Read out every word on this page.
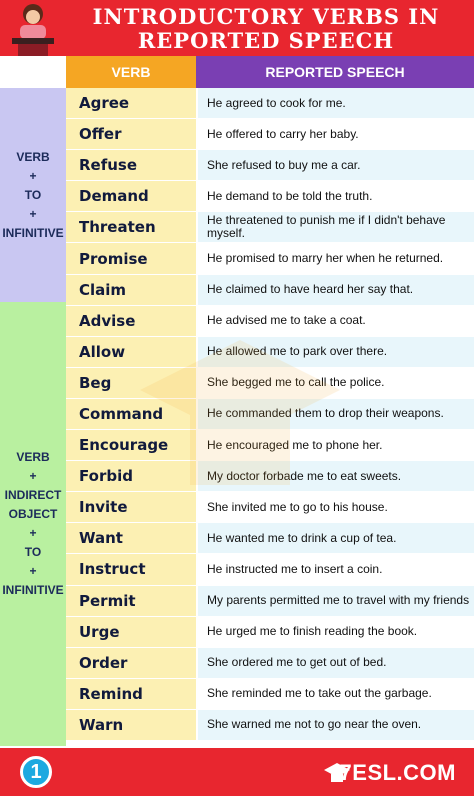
INTRODUCTORY VERBS IN
REPORTED SPEECH
VERB	REPORTED SPEECH
VERB
+
TO
+
INFINITIVE
VERB
+
INDIRECT
OBJECT
+
TO
+
INFINITIVE
Agree	He agreed to cook for me.
Offer	He offered to carry her baby.
Refuse	She refused to buy me a car.
Demand	He demand to be told the truth.
Threaten	He threatened to punish me if I didn't behave myself.
Promise	He promised to marry her when he returned.
Claim	He claimed to have heard her say that.
Advise	He advised me to take a coat.
Allow	He allowed me to park over there.
Beg	She begged me to call the police.
Command	He commanded them to drop their weapons.
Encourage	He encouraged me to phone her.
Forbid	My doctor forbade me to eat sweets.
Invite	She invited me to go to his house.
Want	He wanted me to drink a cup of tea.
Instruct	He instructed me to insert a coin.
Permit	My parents permitted me to travel with my friends
Urge	He urged me to finish reading the book.
Order	She ordered me to get out of bed.
Remind	She reminded me to take out the garbage.
Warn	She warned me not to go near the oven.
1	7ESL.COM
